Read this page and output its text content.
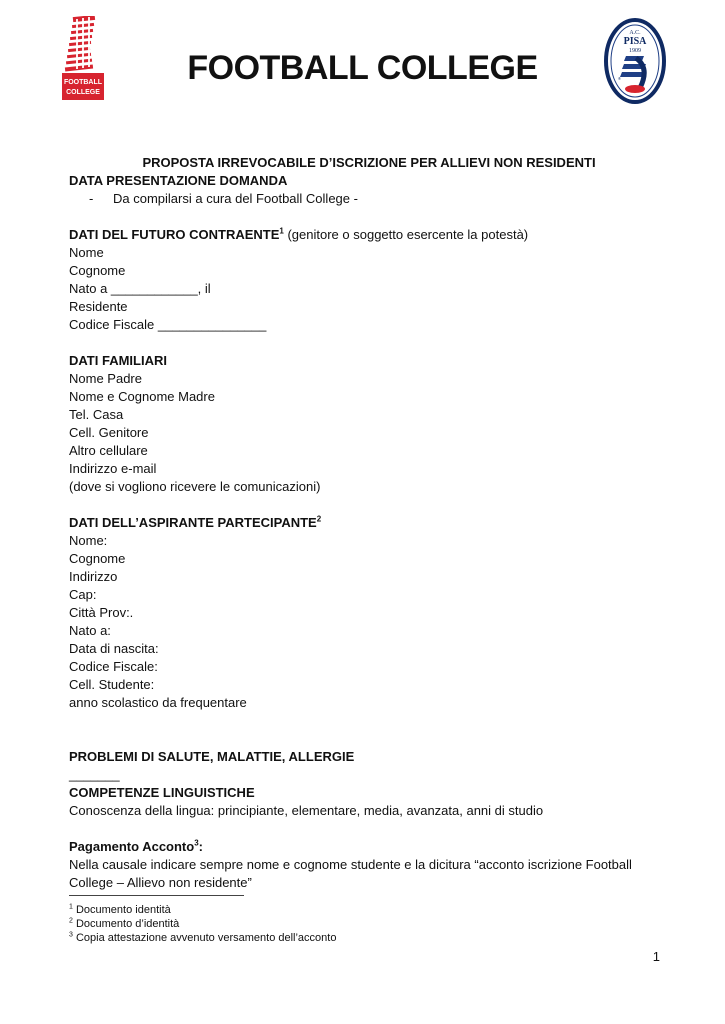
FOOTBALL
COLLEGE
FOOTBALL COLLEGE
A.C.
PISA
1909
®
PROPOSTA IRREVOCABILE D’ISCRIZIONE PER ALLIEVI NON RESIDENTI
DATA PRESENTAZIONE DOMANDA
- Da compilarsi a cura del Football College -
DATI DEL FUTURO CONTRAENTE$^1$ (genitore o soggetto esercente la potestà)
Nome
Cognome
Nato a ____________, il
Residente
Codice Fiscale _______________
DATI FAMILIARI
Nome Padre
Nome e Cognome Madre
Tel. Casa
Cell. Genitore
Altro cellulare
Indirizzo e-mail
(dove si vogliono ricevere le comunicazioni)
DATI DELL’ASPIRANTE PARTECIPANTE$^2$
Nome:
Cognome
Indirizzo
Cap:
Città Prov:.
Nato a:
Data di nascita:
Codice Fiscale:
Cell. Studente:
anno scolastico da frequentare
PROBLEMI DI SALUTE, MALATTIE, ALLERGIE
_______
COMPETENZE LINGUISTICHE
Conoscenza della lingua: principiante, elementare, media, avanzata, anni di studio
Pagamento Acconto$^3$:
Nella causale indicare sempre nome e cognome studente e la dicitura “acconto iscrizione Football
College – Allievo non residente”
$^1$ Documento identità
$^2$ Documento d’identità
$^3$ Copia attestazione avvenuto versamento dell’acconto
1
